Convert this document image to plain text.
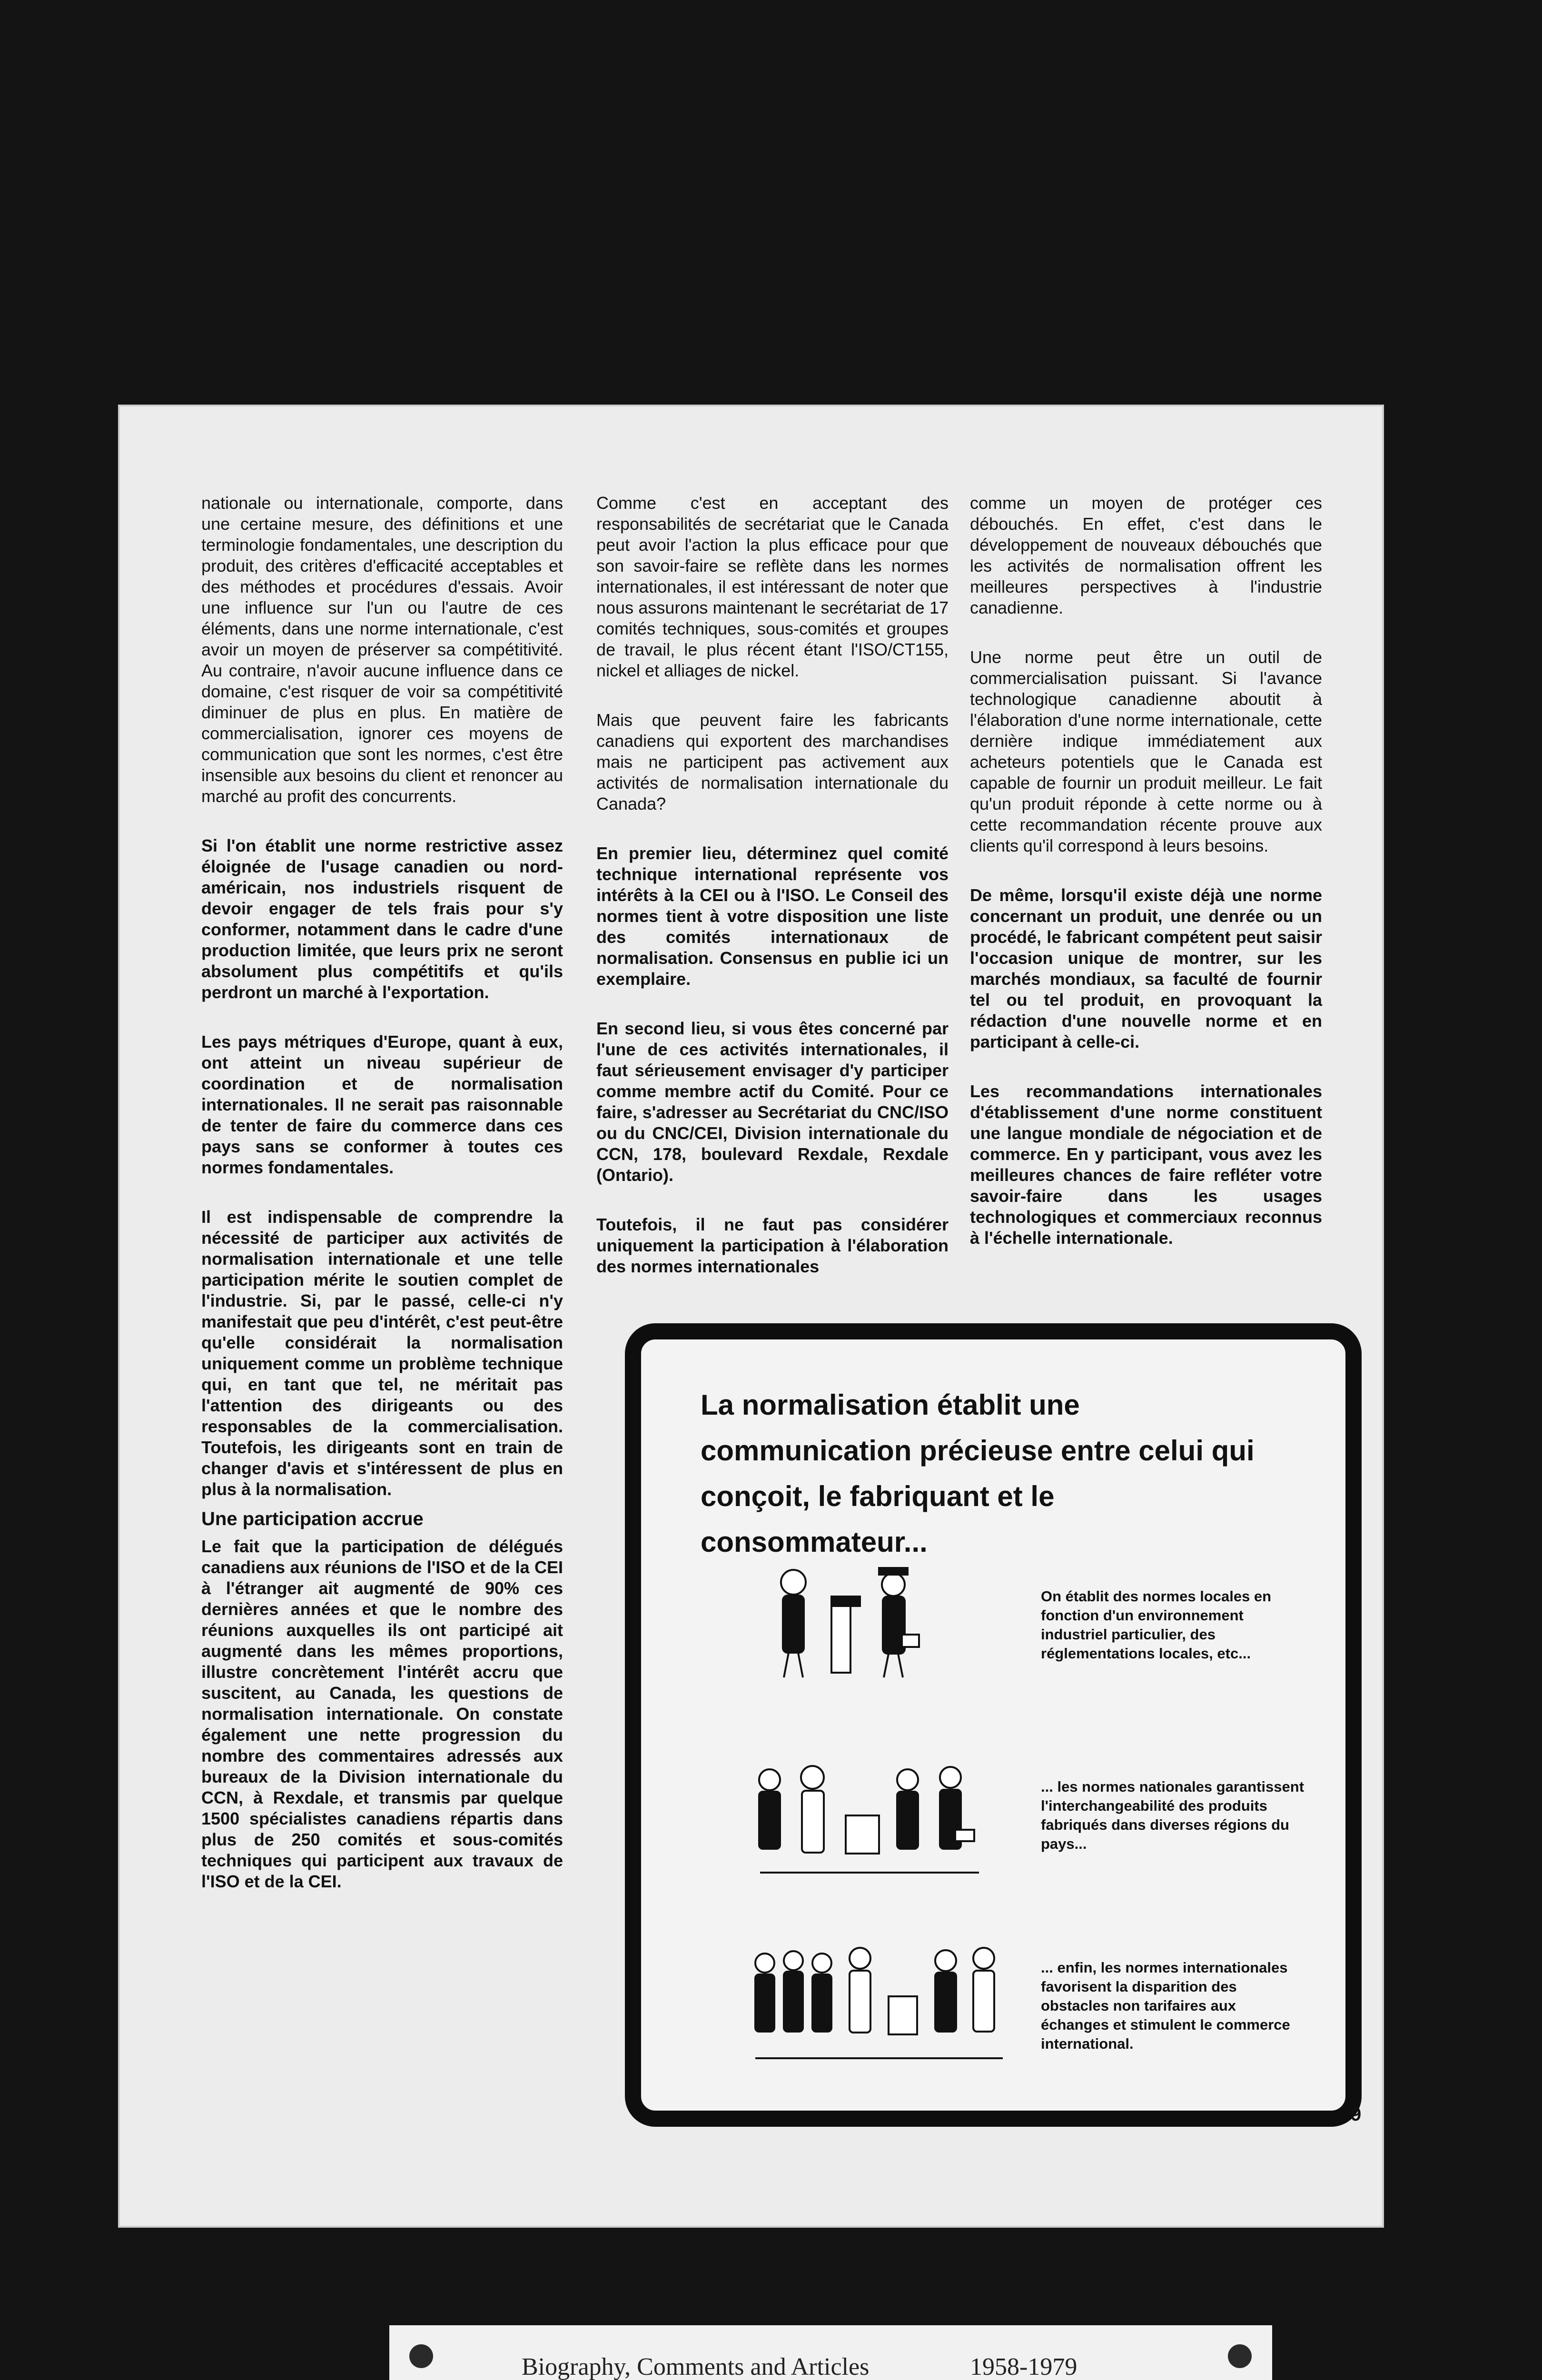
nationale ou internationale, comporte, dans une certaine mesure, des définitions et une terminologie fondamentales, une description du produit, des critères d'efficacité acceptables et des méthodes et procédures d'essais. Avoir une influence sur l'un ou l'autre de ces éléments, dans une norme internationale, c'est avoir un moyen de préserver sa compétitivité. Au contraire, n'avoir aucune influence dans ce domaine, c'est risquer de voir sa compétitivité diminuer de plus en plus. En matière de commercialisation, ignorer ces moyens de communication que sont les normes, c'est être insensible aux besoins du client et renoncer au marché au profit des concurrents.

Si l'on établit une norme restrictive assez éloignée de l'usage canadien ou nord-américain, nos industriels risquent de devoir engager de tels frais pour s'y conformer, notamment dans le cadre d'une production limitée, que leurs prix ne seront absolument plus compétitifs et qu'ils perdront un marché à l'exportation.

Les pays métriques d'Europe, quant à eux, ont atteint un niveau supérieur de coordination et de normalisation internationales. Il ne serait pas raisonnable de tenter de faire du commerce dans ces pays sans se conformer à toutes ces normes fondamentales.

Il est indispensable de comprendre la nécessité de participer aux activités de normalisation internationale et une telle participation mérite le soutien complet de l'industrie. Si, par le passé, celle-ci n'y manifestait que peu d'intérêt, c'est peut-être qu'elle considérait la normalisation uniquement comme un problème technique qui, en tant que tel, ne méritait pas l'attention des dirigeants ou des responsables de la commercialisation. Toutefois, les dirigeants sont en train de changer d'avis et s'intéressent de plus en plus à la normalisation.

Une participation accrue

Le fait que la participation de délégués canadiens aux réunions de l'ISO et de la CEI à l'étranger ait augmenté de 90% ces dernières années et que le nombre des réunions auxquelles ils ont participé ait augmenté dans les mêmes proportions, illustre concrètement l'intérêt accru que suscitent, au Canada, les questions de normalisation internationale. On constate également une nette progression du nombre des commentaires adressés aux bureaux de la Division internationale du CCN, à Rexdale, et transmis par quelque 1500 spécialistes canadiens répartis dans plus de 250 comités et sous-comités techniques qui participent aux travaux de l'ISO et de la CEI.

Comme c'est en acceptant des responsabilités de secrétariat que le Canada peut avoir l'action la plus efficace pour que son savoir-faire se reflète dans les normes internationales, il est intéressant de noter que nous assurons maintenant le secrétariat de 17 comités techniques, sous-comités et groupes de travail, le plus récent étant l'ISO/CT155, nickel et alliages de nickel.

Mais que peuvent faire les fabricants canadiens qui exportent des marchandises mais ne participent pas activement aux activités de normalisation internationale du Canada?

En premier lieu, déterminez quel comité technique international représente vos intérêts à la CEI ou à l'ISO. Le Conseil des normes tient à votre disposition une liste des comités internationaux de normalisation. Consensus en publie ici un exemplaire.

En second lieu, si vous êtes concerné par l'une de ces activités internationales, il faut sérieusement envisager d'y participer comme membre actif du Comité. Pour ce faire, s'adresser au Secrétariat du CNC/ISO ou du CNC/CEI, Division internationale du CCN, 178, boulevard Rexdale, Rexdale (Ontario).

Toutefois, il ne faut pas considérer uniquement la participation à l'élaboration des normes internationales

comme un moyen de protéger ces débouchés. En effet, c'est dans le développement de nouveaux débouchés que les activités de normalisation offrent les meilleures perspectives à l'industrie canadienne.

Une norme peut être un outil de commercialisation puissant. Si l'avance technologique canadienne aboutit à l'élaboration d'une norme internationale, cette dernière indique immédiatement aux acheteurs potentiels que le Canada est capable de fournir un produit meilleur. Le fait qu'un produit réponde à cette norme ou à cette recommandation récente prouve aux clients qu'il correspond à leurs besoins.

De même, lorsqu'il existe déjà une norme concernant un produit, une denrée ou un procédé, le fabricant compétent peut saisir l'occasion unique de montrer, sur les marchés mondiaux, sa faculté de fournir tel ou tel produit, en provoquant la rédaction d'une nouvelle norme et en participant à celle-ci.

Les recommandations internationales d'établissement d'une norme constituent une langue mondiale de négociation et de commerce. En y participant, vous avez les meilleures chances de faire refléter votre savoir-faire dans les usages technologiques et commerciaux reconnus à l'échelle internationale.

La normalisation établit une communication précieuse entre celui qui conçoit, le fabriquant et le consommateur...
On établit des normes locales en fonction d'un environnement industriel particulier, des réglementations locales, etc...
... les normes nationales garantissent l'interchangeabilité des produits fabriqués dans diverses régions du pays...
... enfin, les normes internationales favorisent la disparition des obstacles non tarifaires aux échanges et stimulent le commerce international.
9
Biography, Comments and Articles	1958-1979
